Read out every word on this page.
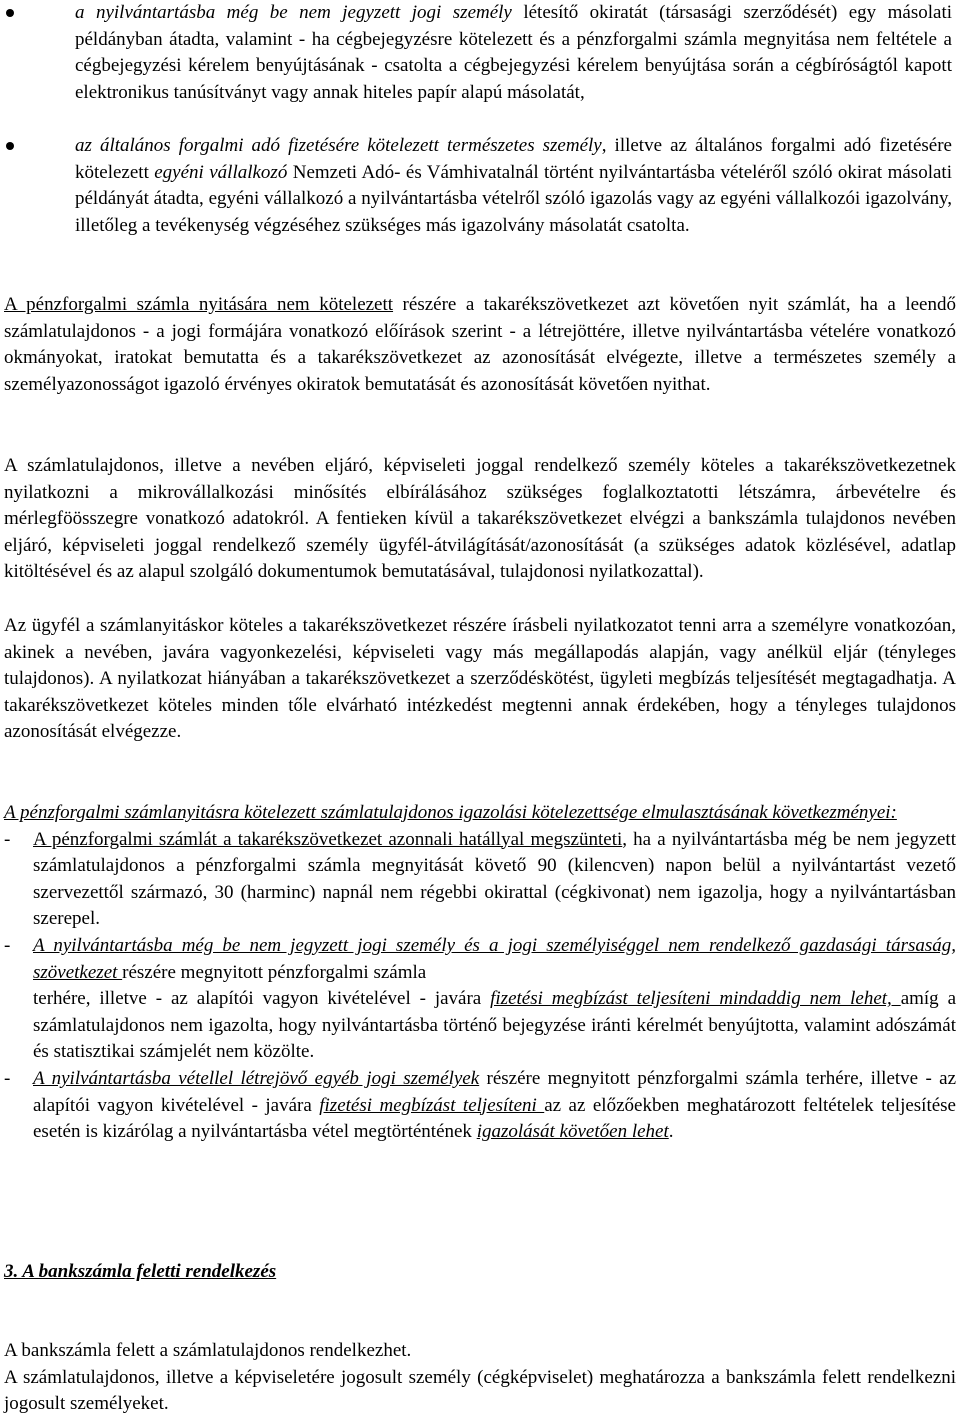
a nyilvántartásba még be nem jegyzett jogi személy létesítő okiratát (társasági szerződését) egy másolati példányban átadta, valamint - ha cégbejegyzésre kötelezett és a pénzforgalmi számla megnyitása nem feltétele a cégbejegyzési kérelem benyújtásának - csatolta a cégbejegyzési kérelem benyújtása során a cégbíróságtól kapott elektronikus tanúsítványt vagy annak hiteles papír alapú másolatát,

az általános forgalmi adó fizetésére kötelezett természetes személy, illetve az általános forgalmi adó fizetésére kötelezett egyéni vállalkozó Nemzeti Adó- és Vámhivatalnál történt nyilvántartásba vételéről szóló okirat másolati példányát átadta, egyéni vállalkozó a nyilvántartásba vételről szóló igazolás vagy az egyéni vállalkozói igazolvány, illetőleg a tevékenység végzéséhez szükséges más igazolvány másolatát csatolta.

A pénzforgalmi számla nyitására nem kötelezett részére a takarékszövetkezet azt követően nyit számlát, ha a leendő számlatulajdonos - a jogi formájára vonatkozó előírások szerint - a létrejöttére, illetve nyilvántartásba vételére vonatkozó okmányokat, iratokat bemutatta és a takarékszövetkezet az azonosítását elvégezte, illetve a természetes személy a személyazonosságot igazoló érvényes okiratok bemutatását és azonosítását követően nyithat.

A számlatulajdonos, illetve a nevében eljáró, képviseleti joggal rendelkező személy köteles a takarékszövetkezetnek nyilatkozni a mikrovállalkozási minősítés elbírálásához szükséges foglalkoztatotti létszámra, árbevételre és mérlegföösszegre vonatkozó adatokról. A fentieken kívül a takarékszövetkezet elvégzi a bankszámla tulajdonos nevében eljáró, képviseleti joggal rendelkező személy ügyfél-átvilágítását/azonosítását (a szükséges adatok közlésével, adatlap kitöltésével és az alapul szolgáló dokumentumok bemutatásával, tulajdonosi nyilatkozattal).

Az ügyfél a számlanyitáskor köteles a takarékszövetkezet részére írásbeli nyilatkozatot tenni arra a személyre vonatkozóan, akinek a nevében, javára vagyonkezelési, képviseleti vagy más megállapodás alapján, vagy anélkül eljár (tényleges tulajdonos). A nyilatkozat hiányában a takarékszövetkezet a szerződéskötést, ügyleti megbízás teljesítését megtagadhatja. A takarékszövetkezet köteles minden tőle elvárható intézkedést megtenni annak érdekében, hogy a tényleges tulajdonos azonosítását elvégezze.

A pénzforgalmi számlanyitásra kötelezett számlatulajdonos igazolási kötelezettsége elmulasztásának következményei:

- A pénzforgalmi számlát a takarékszövetkezet azonnali hatállyal megszünteti, ha a nyilvántartásba még be nem jegyzett számlatulajdonos a pénzforgalmi számla megnyitását követő 90 (kilencven) napon belül a nyilvántartást vezető szervezettől származó, 30 (harminc) napnál nem régebbi okirattal (cégkivonat) nem igazolja, hogy a nyilvántartásban szerepel.
- A nyilvántartásba még be nem jegyzett jogi személy és a jogi személyiséggel nem rendelkező gazdasági társaság, szövetkezet részére megnyitott pénzforgalmi számla
terhére, illetve - az alapítói vagyon kivételével - javára fizetési megbízást teljesíteni mindaddig nem lehet, amíg a számlatulajdonos nem igazolta, hogy nyilvántartásba történő bejegyzése iránti kérelmét benyújtotta, valamint adószámát és statisztikai számjelét nem közölte.
- A nyilvántartásba vétellel létrejövő egyéb jogi személyek részére megnyitott pénzforgalmi számla terhére, illetve - az alapítói vagyon kivételével - javára fizetési megbízást teljesíteni az az előzőekben meghatározott feltételek teljesítése esetén is kizárólag a nyilvántartásba vétel megtörténtének igazolását követően lehet.

3. A bankszámla feletti rendelkezés

A bankszámla felett a számlatulajdonos rendelkezhet.

A számlatulajdonos, illetve a képviseletére jogosult személy (cégképviselet) meghatározza a bankszámla felett rendelkezni jogosult személyeket.
